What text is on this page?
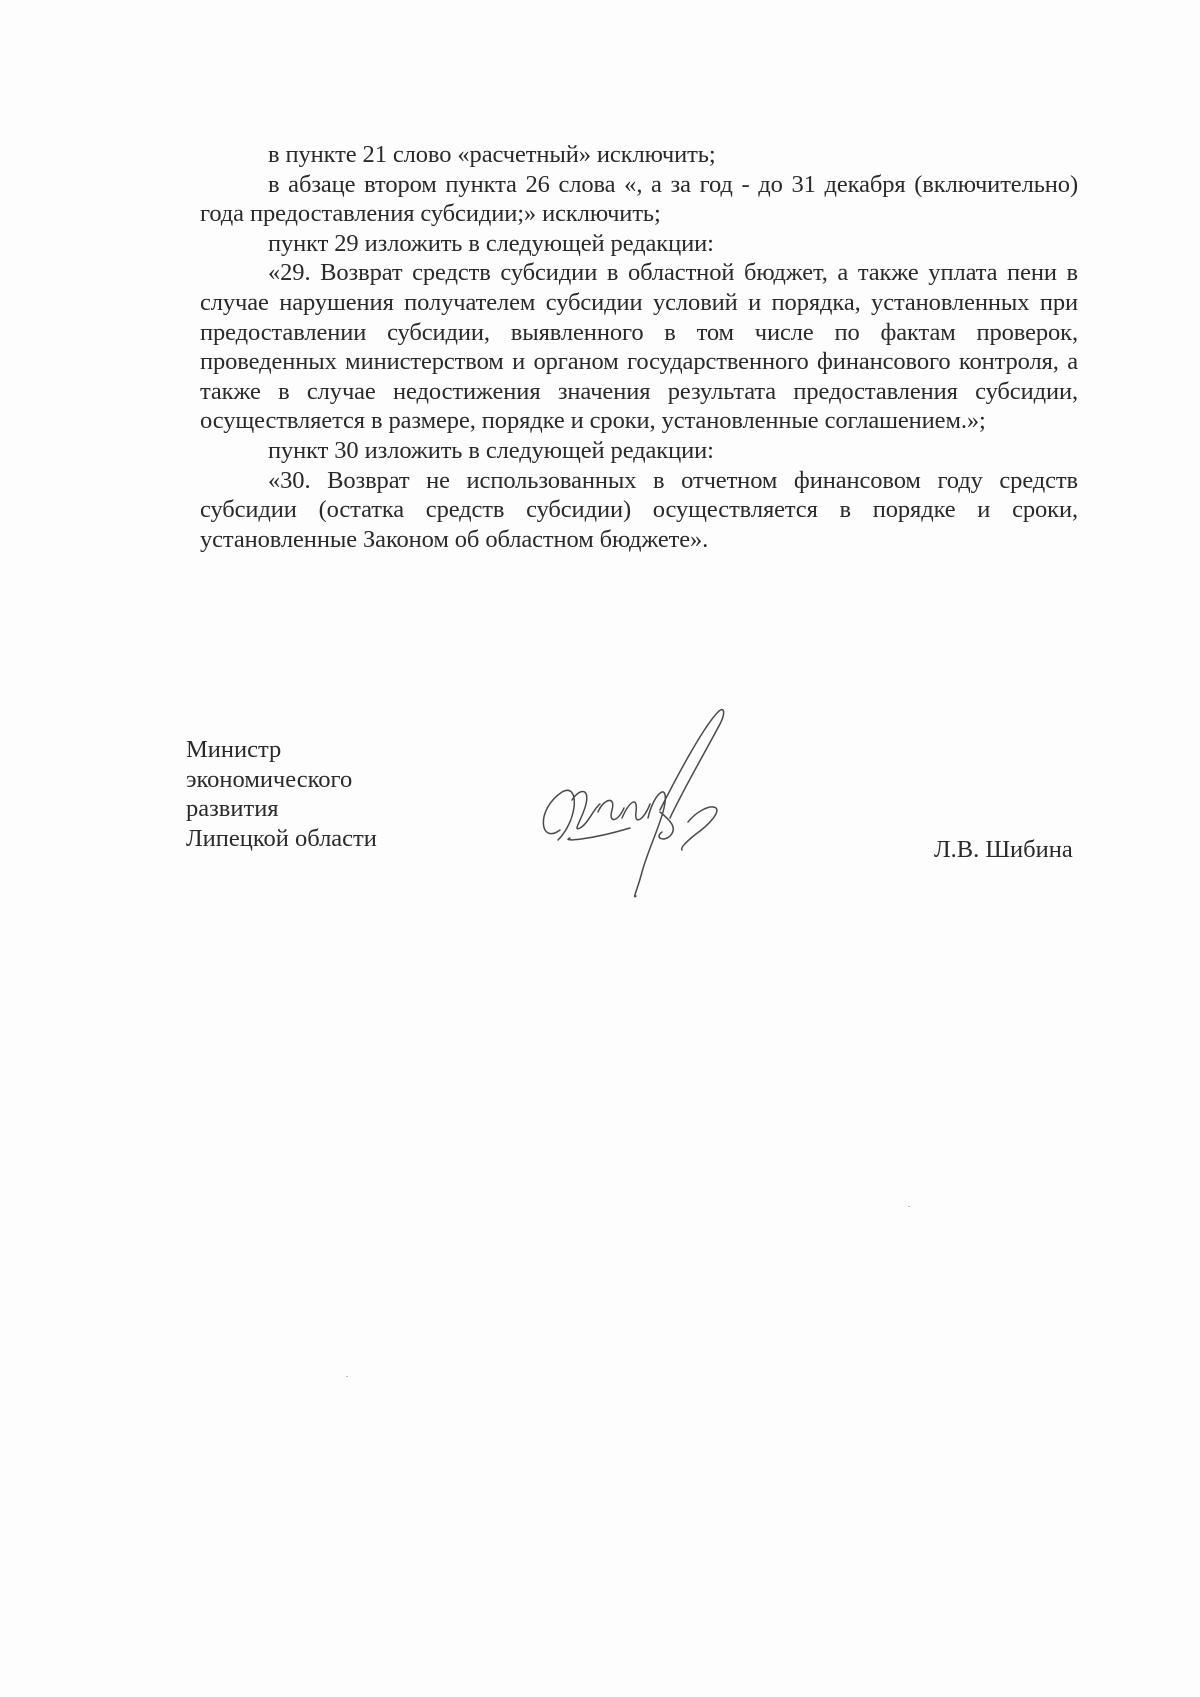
в пункте 21 слово «расчетный» исключить;

в абзаце втором пункта 26 слова «, а за год - до 31 декабря (включительно) года предоставления субсидии;» исключить;

пункт 29 изложить в следующей редакции:

«29. Возврат средств субсидии в областной бюджет, а также уплата пени в случае нарушения получателем субсидии условий и порядка, установленных при предоставлении субсидии, выявленного в том числе по фактам проверок, проведенных министерством и органом государственного финансового контроля, а также в случае недостижения значения результата предоставления субсидии, осуществляется в размере, порядке и сроки, установленные соглашением.»;

пункт 30 изложить в следующей редакции:

«30. Возврат не использованных в отчетном финансовом году средств субсидии (остатка средств субсидии) осуществляется в порядке и сроки, установленные Законом об областном бюджете».

Министр
экономического
развития
Липецкой области	Л.В. Шибина
